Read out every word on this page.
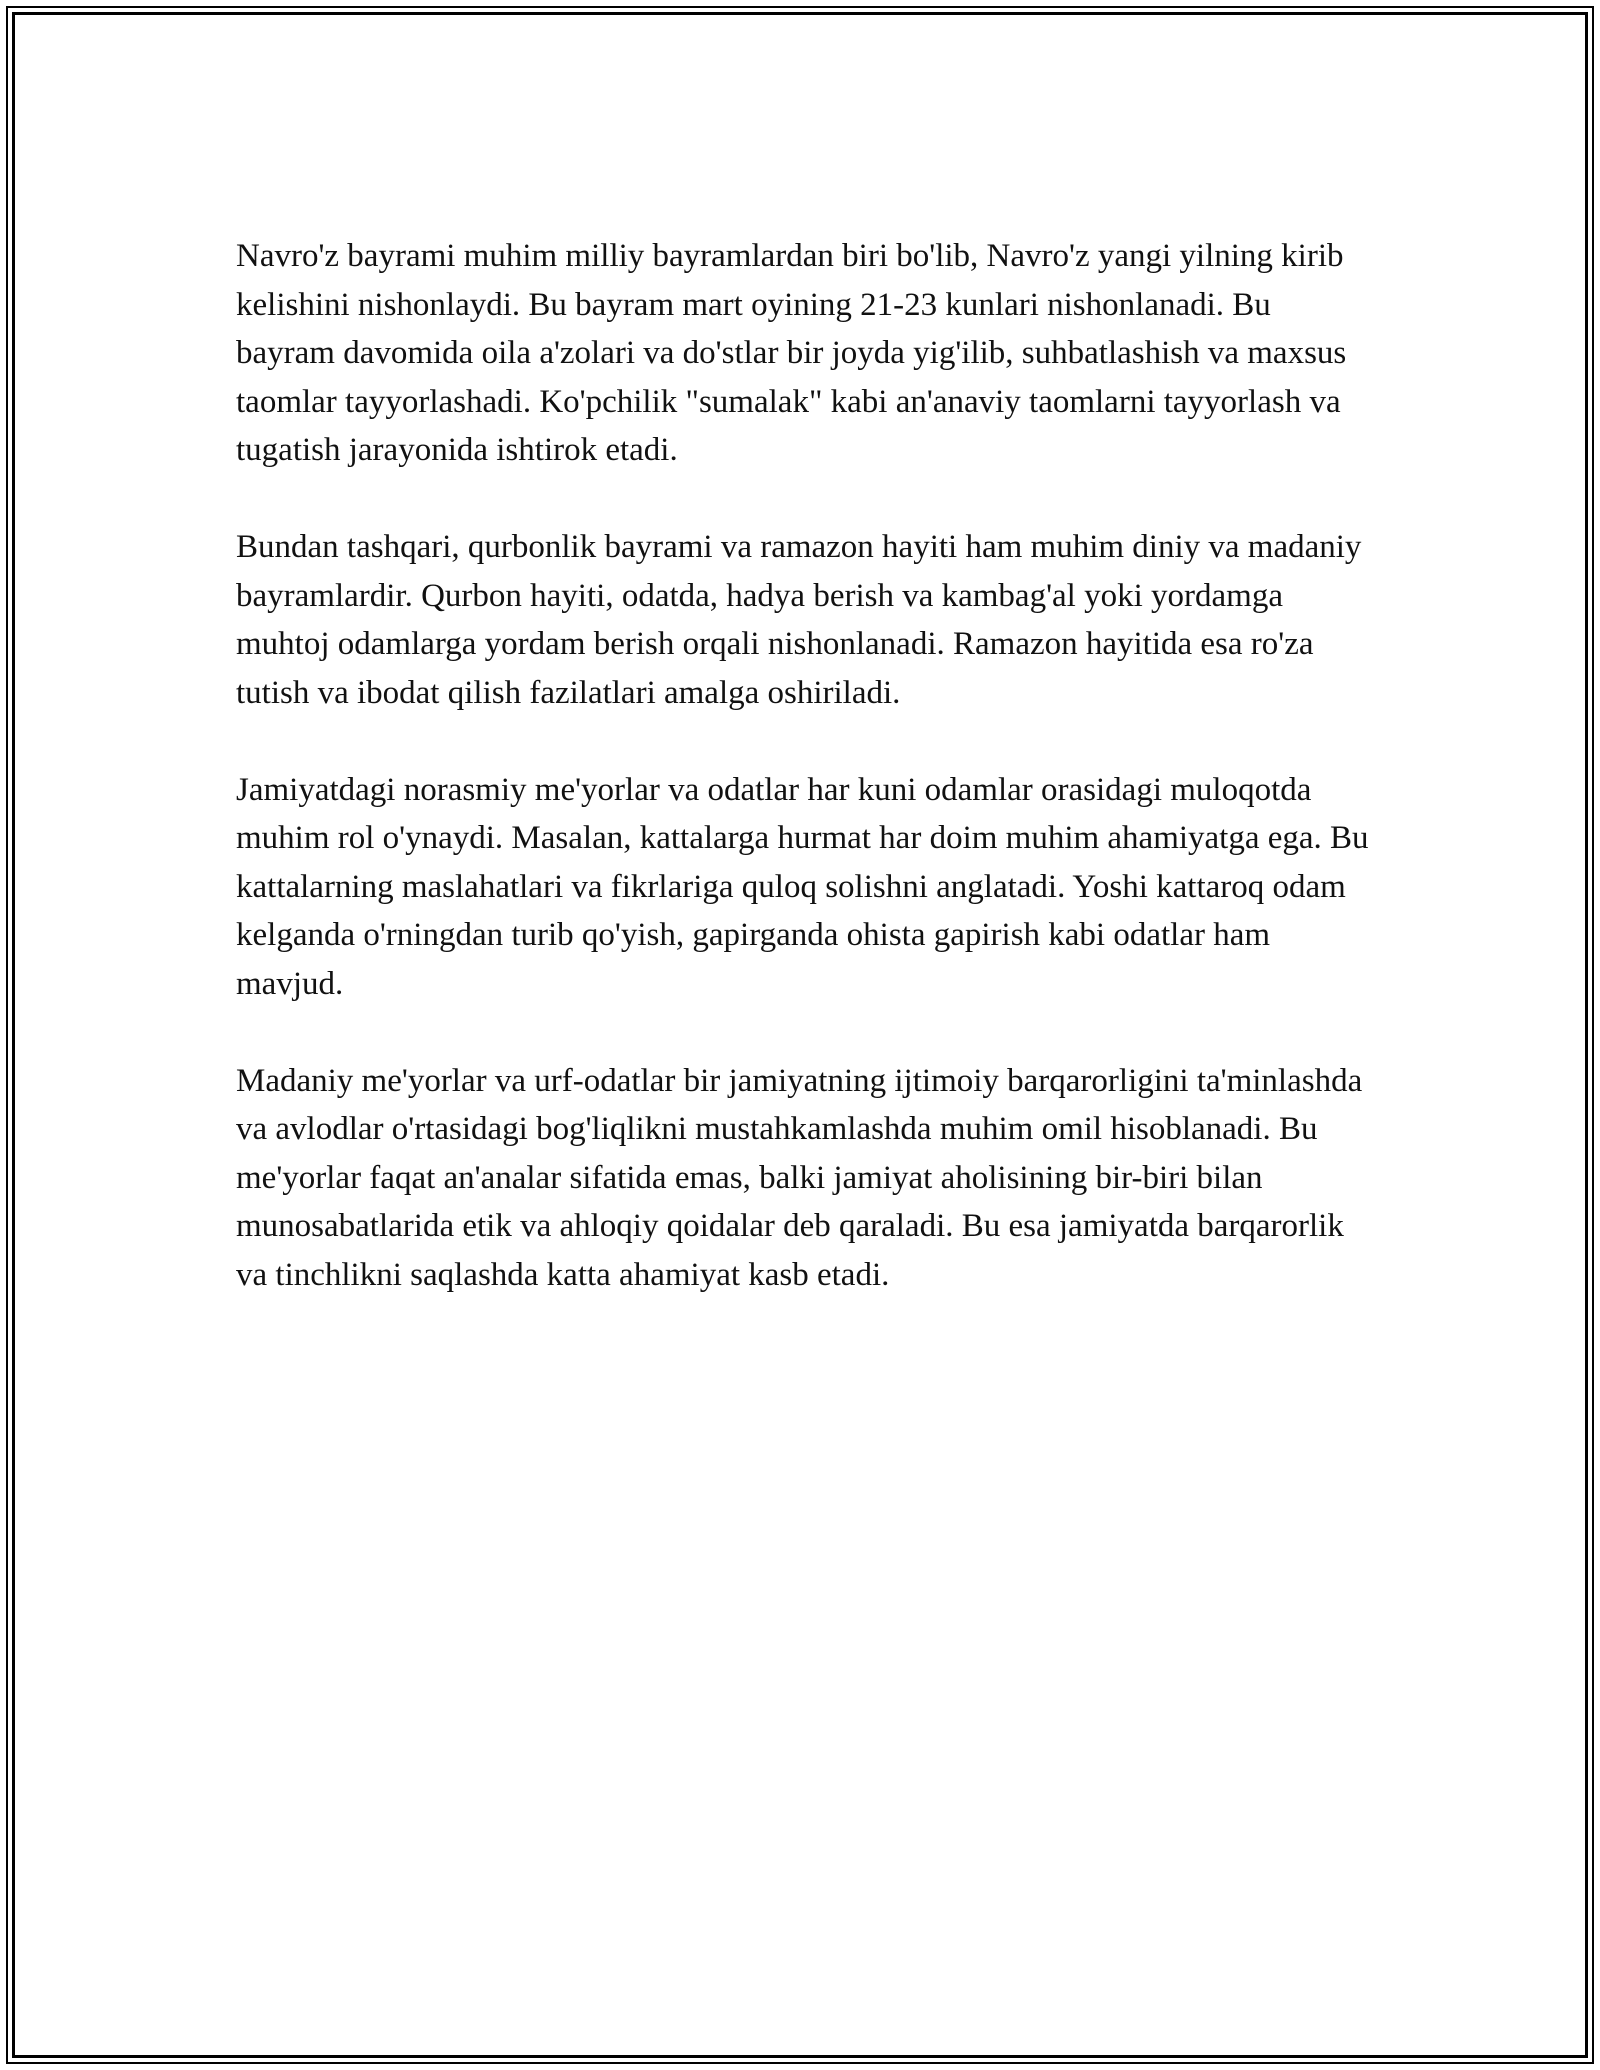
Navro'z bayrami muhim milliy bayramlardan biri bo'lib, Navro'z yangi yilning kirib kelishini nishonlaydi. Bu bayram mart oyining 21-23 kunlari nishonlanadi. Bu bayram davomida oila a'zolari va do'stlar bir joyda yig'ilib, suhbatlashish va maxsus taomlar tayyorlashadi. Ko'pchilik "sumalak" kabi an'anaviy taomlarni tayyorlash va tugatish jarayonida ishtirok etadi.

Bundan tashqari, qurbonlik bayrami va ramazon hayiti ham muhim diniy va madaniy bayramlardir. Qurbon hayiti, odatda, hadya berish va kambag'al yoki yordamga muhtoj odamlarga yordam berish orqali nishonlanadi. Ramazon hayitida esa ro'za tutish va ibodat qilish fazilatlari amalga oshiriladi.

Jamiyatdagi norasmiy me'yorlar va odatlar har kuni odamlar orasidagi muloqotda muhim rol o'ynaydi. Masalan, kattalarga hurmat har doim muhim ahamiyatga ega. Bu kattalarning maslahatlari va fikrlariga quloq solishni anglatadi. Yoshi kattaroq odam kelganda o'rningdan turib qo'yish, gapirganda ohista gapirish kabi odatlar ham mavjud.

Madaniy me'yorlar va urf-odatlar bir jamiyatning ijtimoiy barqarorligini ta'minlashda va avlodlar o'rtasidagi bog'liqlikni mustahkamlashda muhim omil hisoblanadi. Bu me'yorlar faqat an'analar sifatida emas, balki jamiyat aholisining bir-biri bilan munosabatlarida etik va ahloqiy qoidalar deb qaraladi. Bu esa jamiyatda barqarorlik va tinchlikni saqlashda katta ahamiyat kasb etadi.
